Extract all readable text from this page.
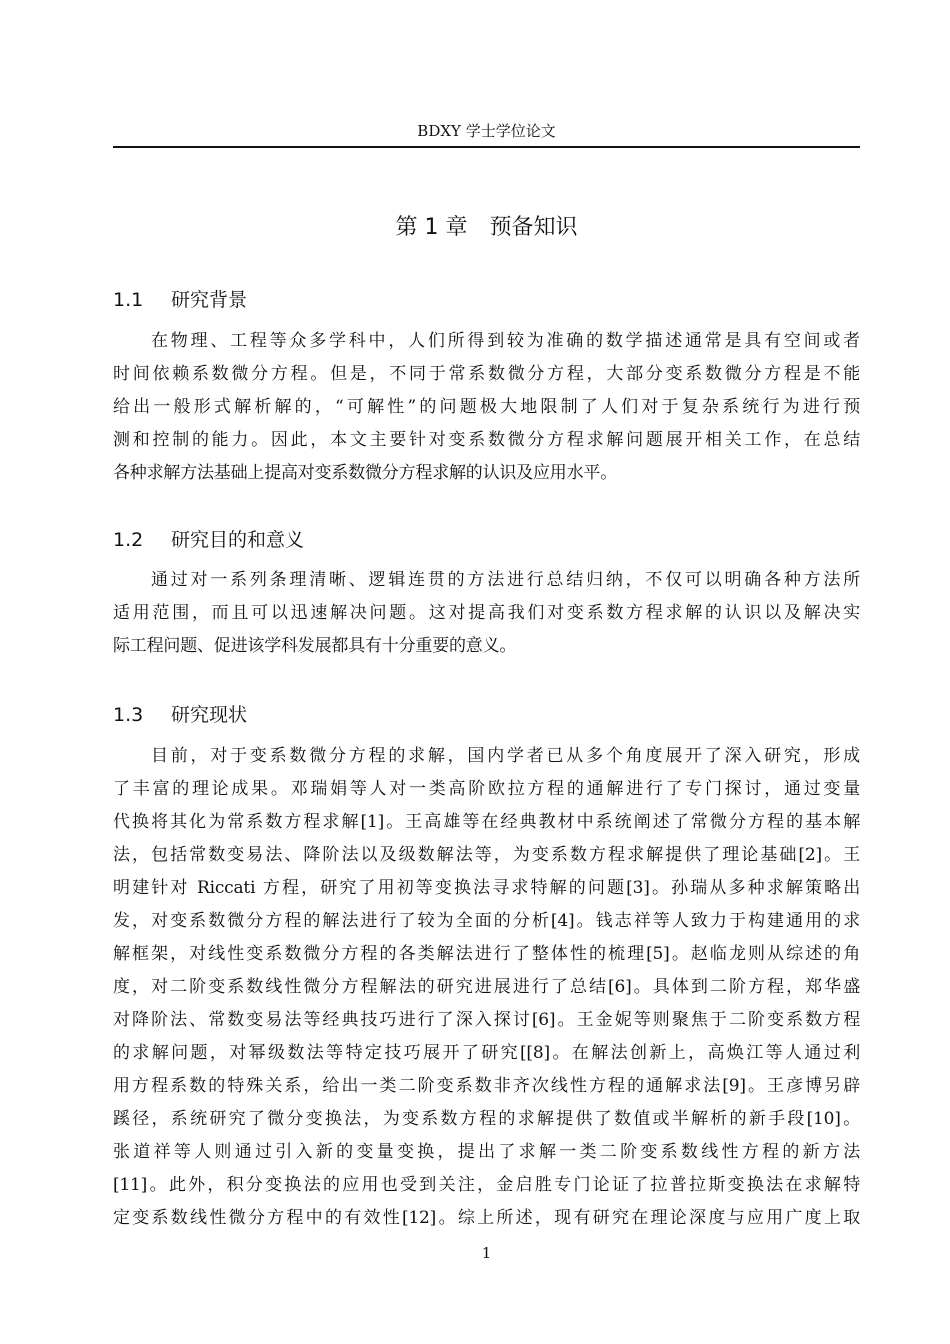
BDXY 学士学位论文
第 1 章 预备知识
1.1 研究背景
在物理、工程等众多学科中，人们所得到较为准确的数学描述通常是具有空间或者
时间依赖系数微分方程。但是，不同于常系数微分方程，大部分变系数微分方程是不能
给出一般形式解析解的，“可解性”的问题极大地限制了人们对于复杂系统行为进行预
测和控制的能力。因此，本文主要针对变系数微分方程求解问题展开相关工作，在总结
各种求解方法基础上提高对变系数微分方程求解的认识及应用水平。
1.2 研究目的和意义
通过对一系列条理清晰、逻辑连贯的方法进行总结归纳，不仅可以明确各种方法所
适用范围，而且可以迅速解决问题。这对提高我们对变系数方程求解的认识以及解决实
际工程问题、促进该学科发展都具有十分重要的意义。
1.3 研究现状
目前，对于变系数微分方程的求解，国内学者已从多个角度展开了深入研究，形成
了丰富的理论成果。邓瑞娟等人对一类高阶欧拉方程的通解进行了专门探讨，通过变量
代换将其化为常系数方程求解[1]。王高雄等在经典教材中系统阐述了常微分方程的基本解
法，包括常数变易法、降阶法以及级数解法等，为变系数方程求解提供了理论基础[2]。王
明建针对 Riccati 方程，研究了用初等变换法寻求特解的问题[3]。孙瑞从多种求解策略出
发，对变系数微分方程的解法进行了较为全面的分析[4]。钱志祥等人致力于构建通用的求
解框架，对线性变系数微分方程的各类解法进行了整体性的梳理[5]。赵临龙则从综述的角
度，对二阶变系数线性微分方程解法的研究进展进行了总结[6]。具体到二阶方程，郑华盛
对降阶法、常数变易法等经典技巧进行了深入探讨[6]。王金妮等则聚焦于二阶变系数方程
的求解问题，对幂级数法等特定技巧展开了研究[[8]。在解法创新上，高焕江等人通过利
用方程系数的特殊关系，给出一类二阶变系数非齐次线性方程的通解求法[9]。王彦博另辟
蹊径，系统研究了微分变换法，为变系数方程的求解提供了数值或半解析的新手段[10]。
张道祥等人则通过引入新的变量变换，提出了求解一类二阶变系数线性方程的新方法
[11]。此外，积分变换法的应用也受到关注，金启胜专门论证了拉普拉斯变换法在求解特
定变系数线性微分方程中的有效性[12]。综上所述，现有研究在理论深度与应用广度上取
1
